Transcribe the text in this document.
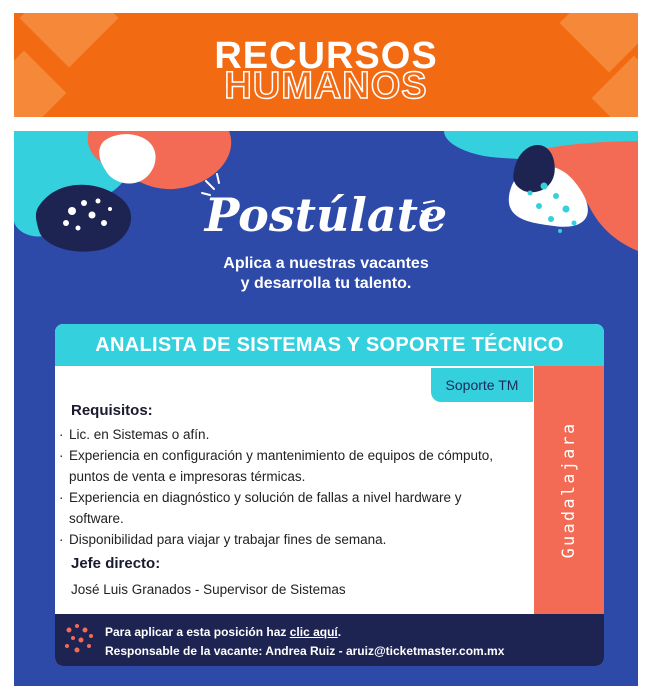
HUMANOS
RECURSOS
Postúlate
Aplica a nuestras vacantes
y desarrolla tu talento.
ANALISTA DE SISTEMAS Y SOPORTE TÉCNICO
Soporte TM
Guadalajara
Requisitos:
· Lic. en Sistemas o afín.
· Experiencia en configuración y mantenimiento de equipos de cómputo, puntos de venta e impresoras térmicas.
· Experiencia en diagnóstico y solución de fallas a nivel hardware y software.
· Disponibilidad para viajar y trabajar fines de semana.
Jefe directo:
José Luis Granados - Supervisor de Sistemas
Para aplicar a esta posición haz clic aquí.
Responsable de la vacante: Andrea Ruiz - aruiz@ticketmaster.com.mx
